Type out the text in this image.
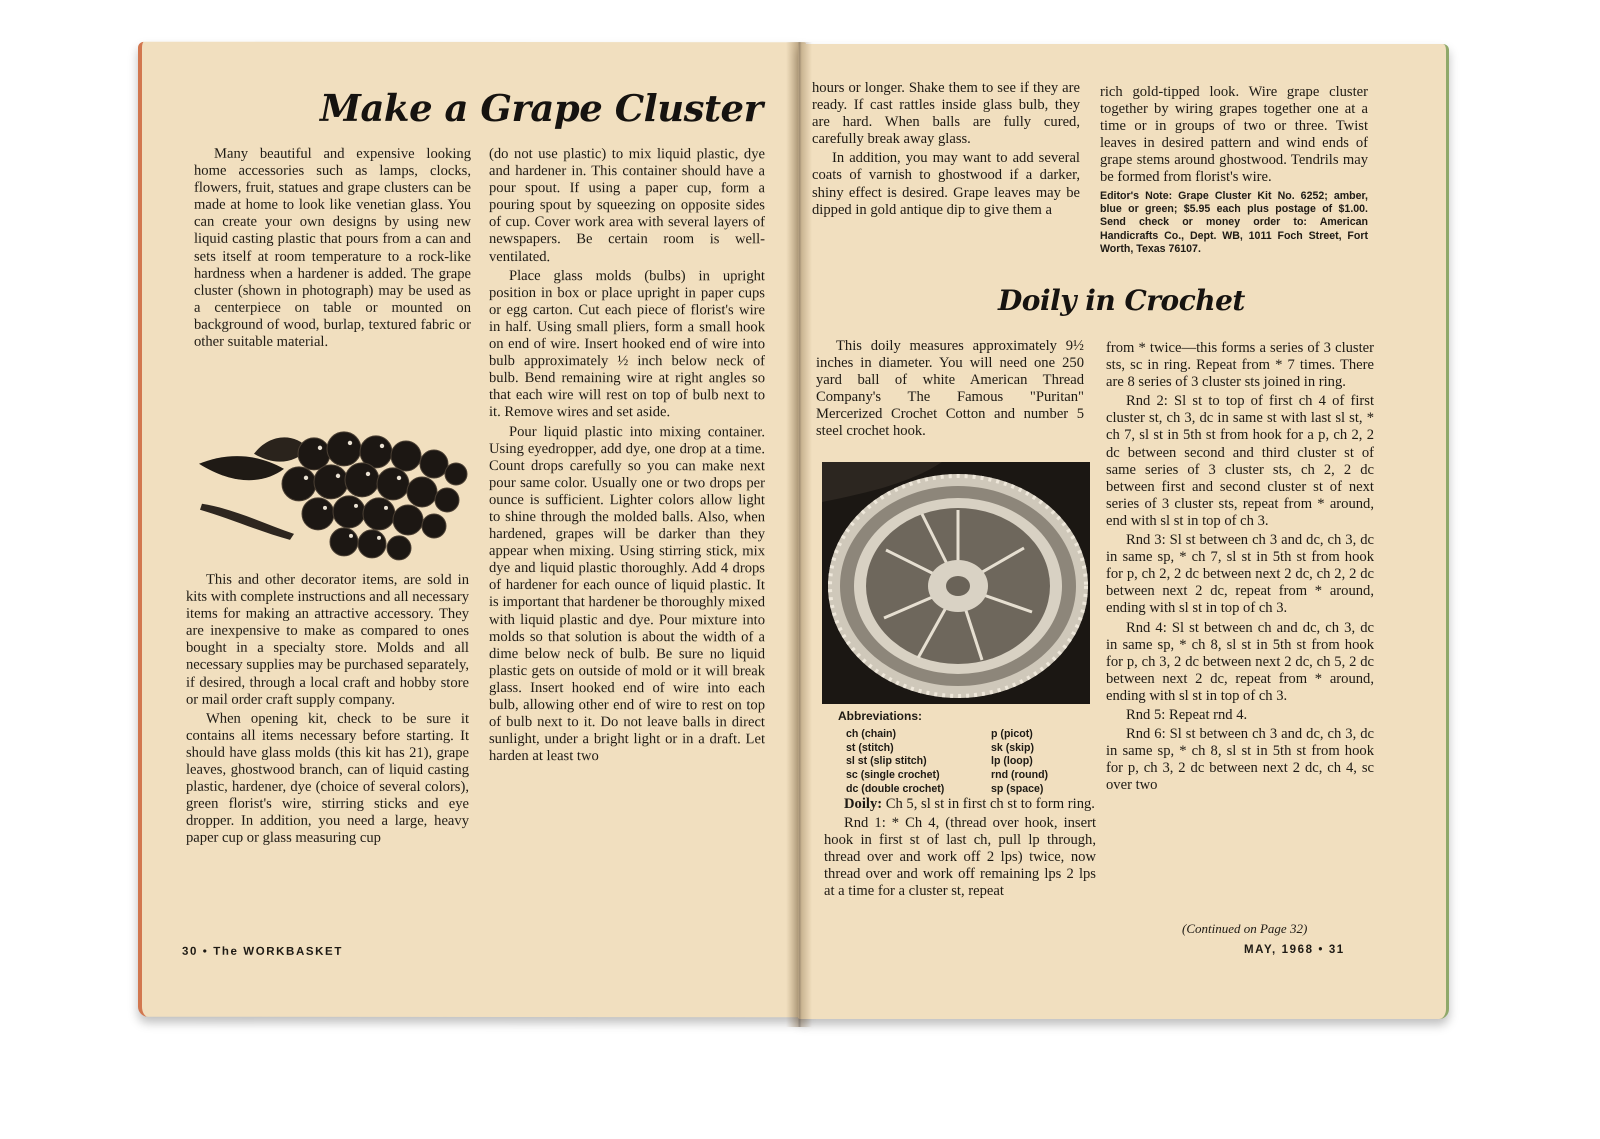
Make a Grape Cluster

Many beautiful and expensive looking home accessories such as lamps, clocks, flowers, fruit, statues and grape clusters can be made at home to look like venetian glass. You can create your own designs by using new liquid casting plastic that pours from a can and sets itself at room temperature to a rock-like hardness when a hardener is added. The grape cluster (shown in photograph) may be used as a centerpiece on table or mounted on background of wood, burlap, textured fabric or other suitable material.

This and other decorator items, are sold in kits with complete instructions and all necessary items for making an attractive accessory. They are inexpensive to make as compared to ones bought in a specialty store. Molds and all necessary supplies may be purchased separately, if desired, through a local craft and hobby store or mail order craft supply company.

When opening kit, check to be sure it contains all items necessary before starting. It should have glass molds (this kit has 21), grape leaves, ghostwood branch, can of liquid casting plastic, hardener, dye (choice of several colors), green florist's wire, stirring sticks and eye dropper. In addition, you need a large, heavy paper cup or glass measuring cup

(do not use plastic) to mix liquid plastic, dye and hardener in. This container should have a pour spout. If using a paper cup, form a pouring spout by squeezing on opposite sides of cup. Cover work area with several layers of newspapers. Be certain room is well-ventilated.

Place glass molds (bulbs) in upright position in box or place upright in paper cups or egg carton. Cut each piece of florist's wire in half. Using small pliers, form a small hook on end of wire. Insert hooked end of wire into bulb approximately ½ inch below neck of bulb. Bend remaining wire at right angles so that each wire will rest on top of bulb next to it. Remove wires and set aside.

Pour liquid plastic into mixing container. Using eyedropper, add dye, one drop at a time. Count drops carefully so you can make next pour same color. Usually one or two drops per ounce is sufficient. Lighter colors allow light to shine through the molded balls. Also, when hardened, grapes will be darker than they appear when mixing. Using stirring stick, mix dye and liquid plastic thoroughly. Add 4 drops of hardener for each ounce of liquid plastic. It is important that hardener be thoroughly mixed with liquid plastic and dye. Pour mixture into molds so that solution is about the width of a dime below neck of bulb. Be sure no liquid plastic gets on outside of mold or it will break glass. Insert hooked end of wire into each bulb, allowing other end of wire to rest on top of bulb next to it. Do not leave balls in direct sunlight, under a bright light or in a draft. Let harden at least two

30 • The WORKBASKET

hours or longer. Shake them to see if they are ready. If cast rattles inside glass bulb, they are hard. When balls are fully cured, carefully break away glass.

In addition, you may want to add several coats of varnish to ghostwood if a darker, shiny effect is desired. Grape leaves may be dipped in gold antique dip to give them a

rich gold-tipped look. Wire grape cluster together by wiring grapes together one at a time or in groups of two or three. Twist leaves in desired pattern and wind ends of grape stems around ghostwood. Tendrils may be formed from florist's wire.

Editor's Note: Grape Cluster Kit No. 6252; amber, blue or green; $5.95 each plus postage of $1.00. Send check or money order to: American Handicrafts Co., Dept. WB, 1011 Foch Street, Fort Worth, Texas 76107.
Doily in Crochet

This doily measures approximately 9½ inches in diameter. You will need one 250 yard ball of white American Thread Company's The Famous "Puritan" Mercerized Crochet Cotton and number 5 steel crochet hook.

Abbreviations:
ch (chain)	p (picot)
st (stitch)	sk (skip)
sl st (slip stitch)	lp (loop)
sc (single crochet)	rnd (round)
dc (double crochet)	sp (space)

Doily: Ch 5, sl st in first ch st to form ring.

Rnd 1: * Ch 4, (thread over hook, insert hook in first st of last ch, pull lp through, thread over and work off 2 lps) twice, now thread over and work off remaining lps 2 lps at a time for a cluster st, repeat

from * twice—this forms a series of 3 cluster sts, sc in ring. Repeat from * 7 times. There are 8 series of 3 cluster sts joined in ring.

Rnd 2: Sl st to top of first ch 4 of first cluster st, ch 3, dc in same st with last sl st, * ch 7, sl st in 5th st from hook for a p, ch 2, 2 dc between second and third cluster st of same series of 3 cluster sts, ch 2, 2 dc between first and second cluster st of next series of 3 cluster sts, repeat from * around, end with sl st in top of ch 3.

Rnd 3: Sl st between ch 3 and dc, ch 3, dc in same sp, * ch 7, sl st in 5th st from hook for p, ch 2, 2 dc between next 2 dc, ch 2, 2 dc between next 2 dc, repeat from * around, ending with sl st in top of ch 3.

Rnd 4: Sl st between ch and dc, ch 3, dc in same sp, * ch 8, sl st in 5th st from hook for p, ch 3, 2 dc between next 2 dc, ch 5, 2 dc between next 2 dc, repeat from * around, ending with sl st in top of ch 3.

Rnd 5: Repeat rnd 4.

Rnd 6: Sl st between ch 3 and dc, ch 3, dc in same sp, * ch 8, sl st in 5th st from hook for p, ch 3, 2 dc between next 2 dc, ch 4, sc over two

(Continued on Page 32)
MAY, 1968 • 31
